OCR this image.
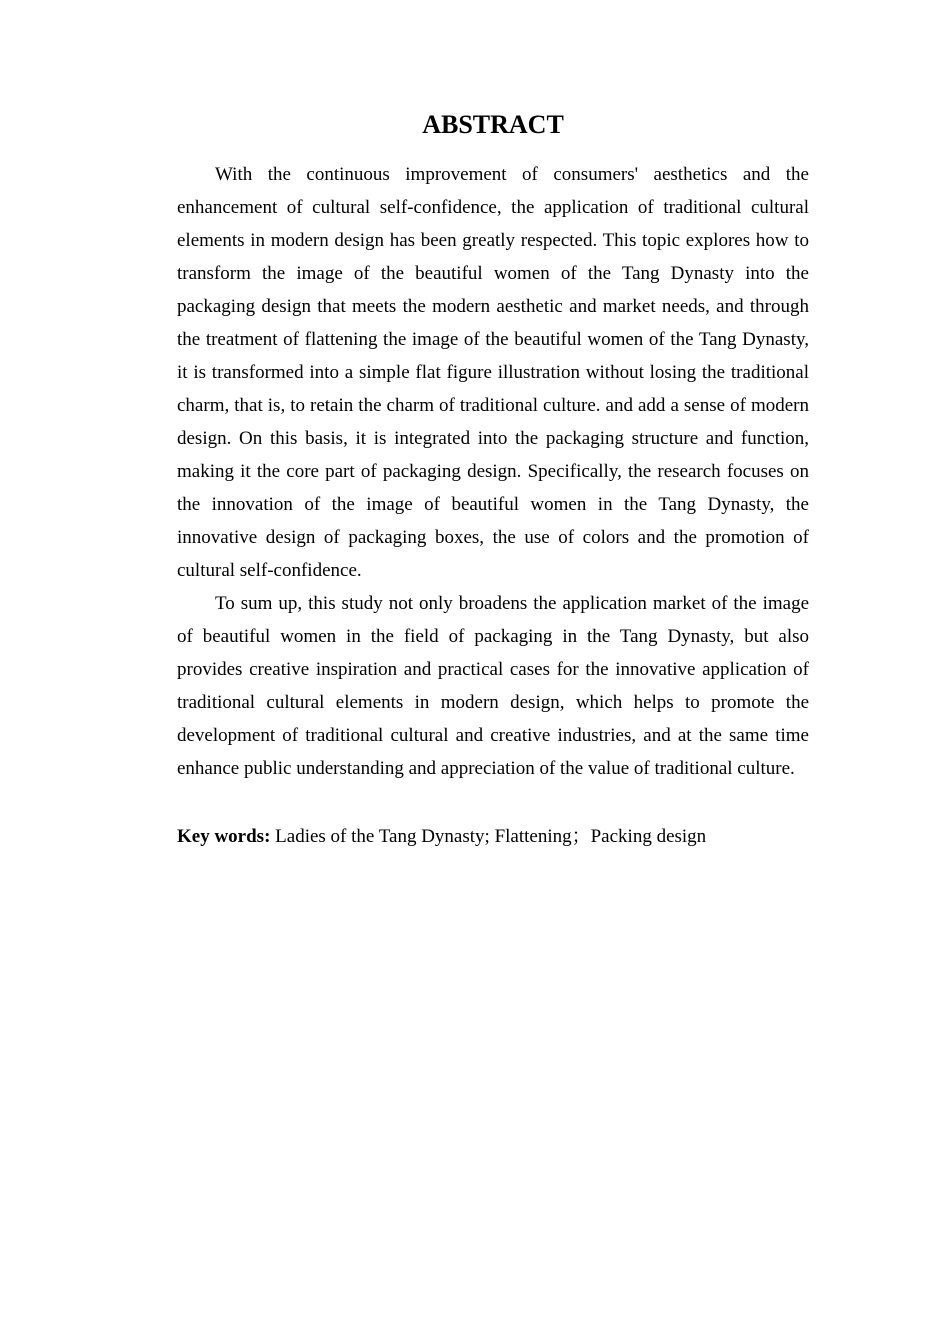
ABSTRACT

With the continuous improvement of consumers' aesthetics and the enhancement of cultural self-confidence, the application of traditional cultural elements in modern design has been greatly respected. This topic explores how to transform the image of the beautiful women of the Tang Dynasty into the packaging design that meets the modern aesthetic and market needs, and through the treatment of flattening the image of the beautiful women of the Tang Dynasty, it is transformed into a simple flat figure illustration without losing the traditional charm, that is, to retain the charm of traditional culture. and add a sense of modern design. On this basis, it is integrated into the packaging structure and function, making it the core part of packaging design. Specifically, the research focuses on the innovation of the image of beautiful women in the Tang Dynasty, the innovative design of packaging boxes, the use of colors and the promotion of cultural self-confidence.

To sum up, this study not only broadens the application market of the image of beautiful women in the field of packaging in the Tang Dynasty, but also provides creative inspiration and practical cases for the innovative application of traditional cultural elements in modern design, which helps to promote the development of traditional cultural and creative industries, and at the same time enhance public understanding and appreciation of the value of traditional culture.

Key words: Ladies of the Tang Dynasty; Flattening；Packing design
